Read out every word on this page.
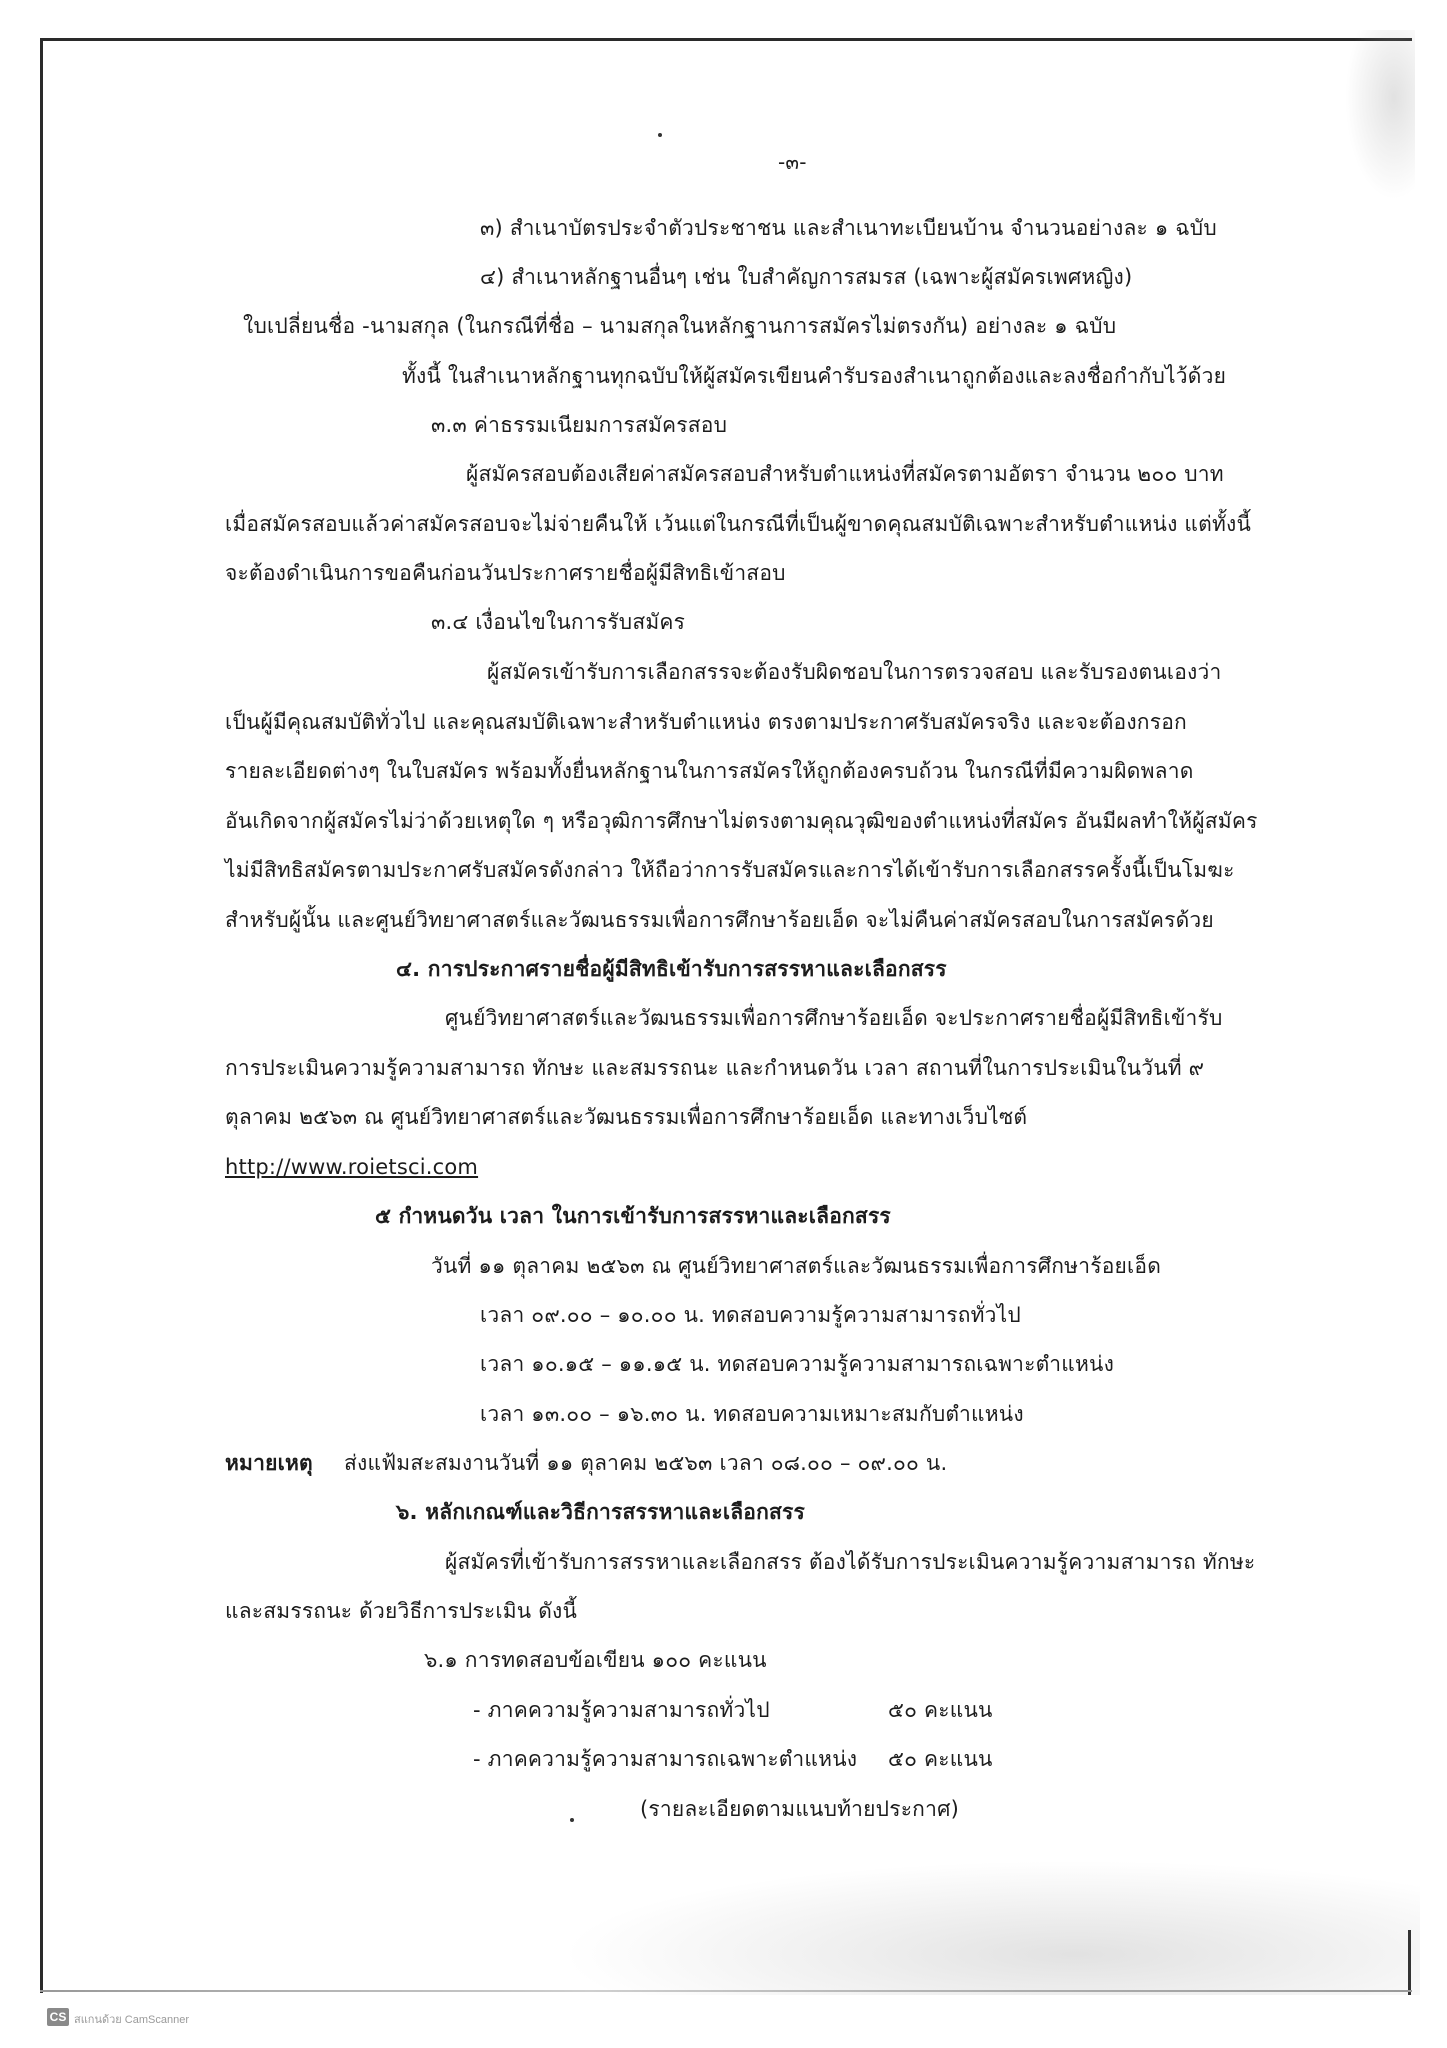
-๓-
๓) สำเนาบัตรประจำตัวประชาชน และสำเนาทะเบียนบ้าน จำนวนอย่างละ ๑ ฉบับ
๔) สำเนาหลักฐานอื่นๆ เช่น ใบสำคัญการสมรส (เฉพาะผู้สมัครเพศหญิง)
ใบเปลี่ยนชื่อ -นามสกุล (ในกรณีที่ชื่อ – นามสกุลในหลักฐานการสมัครไม่ตรงกัน) อย่างละ ๑ ฉบับ
ทั้งนี้ ในสำเนาหลักฐานทุกฉบับให้ผู้สมัครเขียนคำรับรองสำเนาถูกต้องและลงชื่อกำกับไว้ด้วย
๓.๓ ค่าธรรมเนียมการสมัครสอบ
ผู้สมัครสอบต้องเสียค่าสมัครสอบสำหรับตำแหน่งที่สมัครตามอัตรา จำนวน ๒๐๐ บาท
เมื่อสมัครสอบแล้วค่าสมัครสอบจะไม่จ่ายคืนให้ เว้นแต่ในกรณีที่เป็นผู้ขาดคุณสมบัติเฉพาะสำหรับตำแหน่ง แต่ทั้งนี้
จะต้องดำเนินการขอคืนก่อนวันประกาศรายชื่อผู้มีสิทธิเข้าสอบ
๓.๔ เงื่อนไขในการรับสมัคร
ผู้สมัครเข้ารับการเลือกสรรจะต้องรับผิดชอบในการตรวจสอบ และรับรองตนเองว่า
เป็นผู้มีคุณสมบัติทั่วไป และคุณสมบัติเฉพาะสำหรับตำแหน่ง ตรงตามประกาศรับสมัครจริง และจะต้องกรอก
รายละเอียดต่างๆ ในใบสมัคร พร้อมทั้งยื่นหลักฐานในการสมัครให้ถูกต้องครบถ้วน ในกรณีที่มีความผิดพลาด
อันเกิดจากผู้สมัครไม่ว่าด้วยเหตุใด ๆ หรือวุฒิการศึกษาไม่ตรงตามคุณวุฒิของตำแหน่งที่สมัคร อันมีผลทำให้ผู้สมัคร
ไม่มีสิทธิสมัครตามประกาศรับสมัครดังกล่าว ให้ถือว่าการรับสมัครและการได้เข้ารับการเลือกสรรครั้งนี้เป็นโมฆะ
สำหรับผู้นั้น และศูนย์วิทยาศาสตร์และวัฒนธรรมเพื่อการศึกษาร้อยเอ็ด จะไม่คืนค่าสมัครสอบในการสมัครด้วย
๔. การประกาศรายชื่อผู้มีสิทธิเข้ารับการสรรหาและเลือกสรร
ศูนย์วิทยาศาสตร์และวัฒนธรรมเพื่อการศึกษาร้อยเอ็ด จะประกาศรายชื่อผู้มีสิทธิเข้ารับ
การประเมินความรู้ความสามารถ ทักษะ และสมรรถนะ และกำหนดวัน เวลา สถานที่ในการประเมินในวันที่ ๙
ตุลาคม ๒๕๖๓ ณ ศูนย์วิทยาศาสตร์และวัฒนธรรมเพื่อการศึกษาร้อยเอ็ด และทางเว็บไซต์
http://www.roietsci.com
๕ กำหนดวัน เวลา ในการเข้ารับการสรรหาและเลือกสรร
วันที่ ๑๑ ตุลาคม ๒๕๖๓ ณ ศูนย์วิทยาศาสตร์และวัฒนธรรมเพื่อการศึกษาร้อยเอ็ด
เวลา ๐๙.๐๐ – ๑๐.๐๐ น. ทดสอบความรู้ความสามารถทั่วไป
เวลา ๑๐.๑๕ – ๑๑.๑๕ น. ทดสอบความรู้ความสามารถเฉพาะตำแหน่ง
เวลา ๑๓.๐๐ – ๑๖.๓๐ น. ทดสอบความเหมาะสมกับตำแหน่ง
หมายเหตุ ส่งแฟ้มสะสมงานวันที่ ๑๑ ตุลาคม ๒๕๖๓ เวลา ๐๘.๐๐ – ๐๙.๐๐ น.
๖. หลักเกณฑ์และวิธีการสรรหาและเลือกสรร
ผู้สมัครที่เข้ารับการสรรหาและเลือกสรร ต้องได้รับการประเมินความรู้ความสามารถ ทักษะ
และสมรรถนะ ด้วยวิธีการประเมิน ดังนี้
๖.๑ การทดสอบข้อเขียน ๑๐๐ คะแนน
- ภาคความรู้ความสามารถทั่วไป	๕๐ คะแนน
- ภาคความรู้ความสามารถเฉพาะตำแหน่ง ๕๐ คะแนน
(รายละเอียดตามแนบท้ายประกาศ)
CS สแกนด้วย CamScanner
